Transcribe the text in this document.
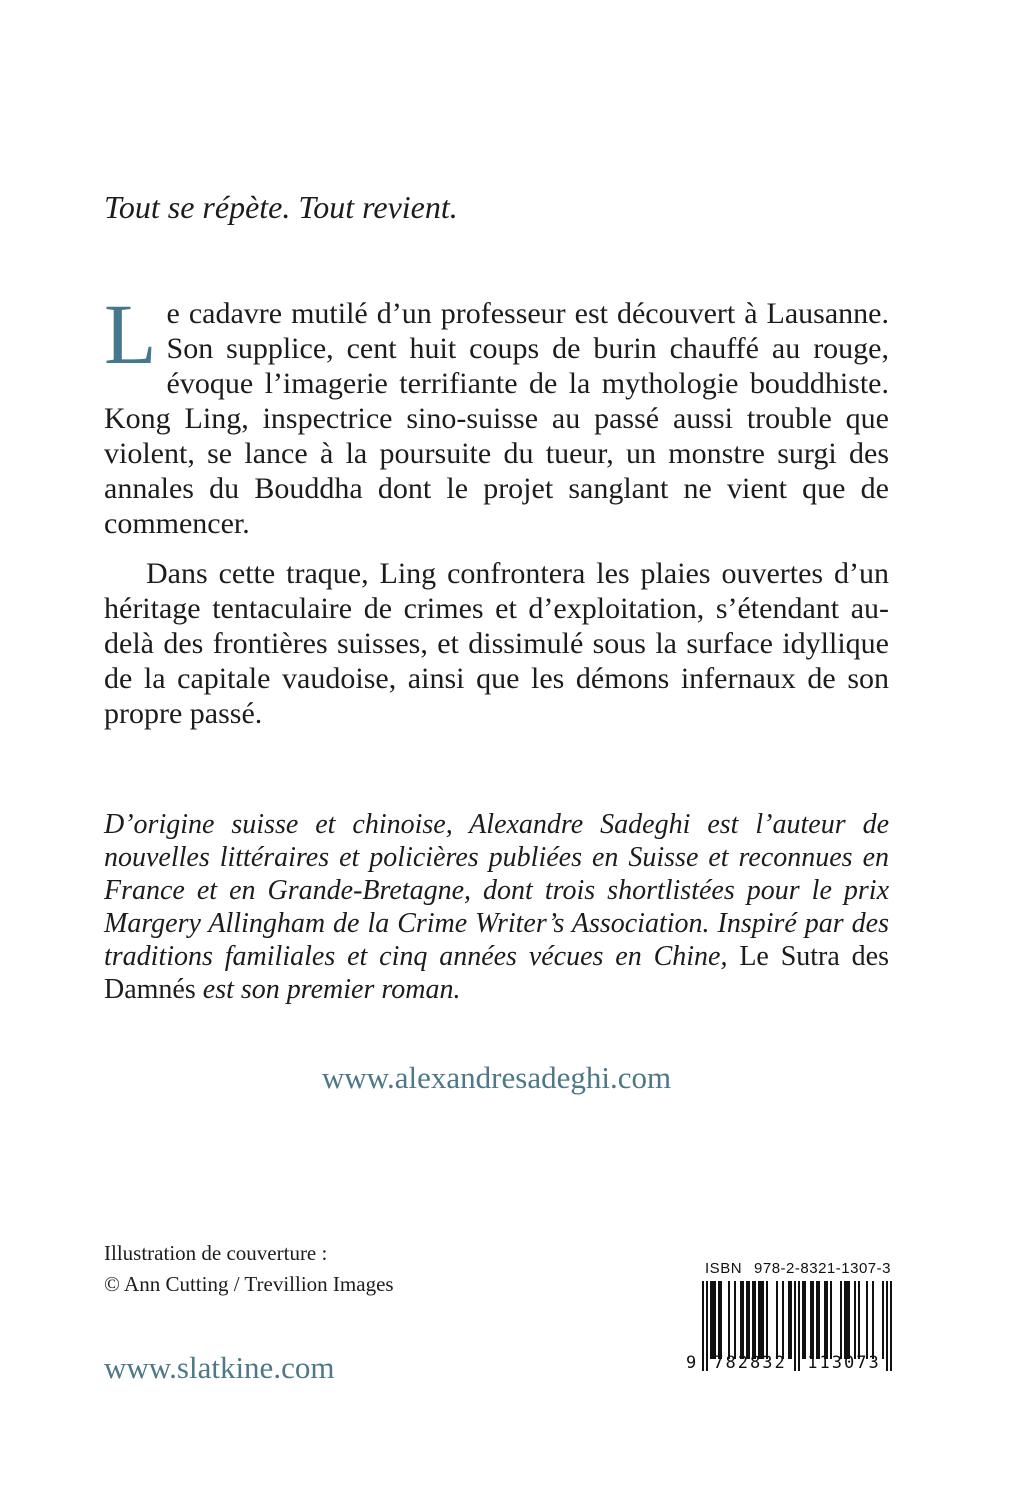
Tout se répète. Tout revient.

Le cadavre mutilé d’un professeur est découvert à Lausanne. Son supplice, cent huit coups de burin chauffé au rouge, évoque l’imagerie terrifiante de la mythologie bouddhiste. Kong Ling, inspectrice sino-suisse au passé aussi trouble que violent, se lance à la poursuite du tueur, un monstre surgi des annales du Bouddha dont le projet sanglant ne vient que de commencer.

Dans cette traque, Ling confrontera les plaies ouvertes d’un héritage tentaculaire de crimes et d’exploitation, s’étendant au-delà des frontières suisses, et dissimulé sous la surface idyllique de la capitale vaudoise, ainsi que les démons infernaux de son propre passé.

D’origine suisse et chinoise, Alexandre Sadeghi est l’auteur de nouvelles littéraires et policières publiées en Suisse et reconnues en France et en Grande-Bretagne, dont trois shortlistées pour le prix Margery Allingham de la Crime Writer’s Association. Inspiré par des traditions familiales et cinq années vécues en Chine, Le Sutra des Damnés est son premier roman.
www.alexandresadeghi.com
Illustration de couverture :
© Ann Cutting / Trevillion Images
www.slatkine.com
ISBN 978-2-8321-1307-3
9 782832 113073
